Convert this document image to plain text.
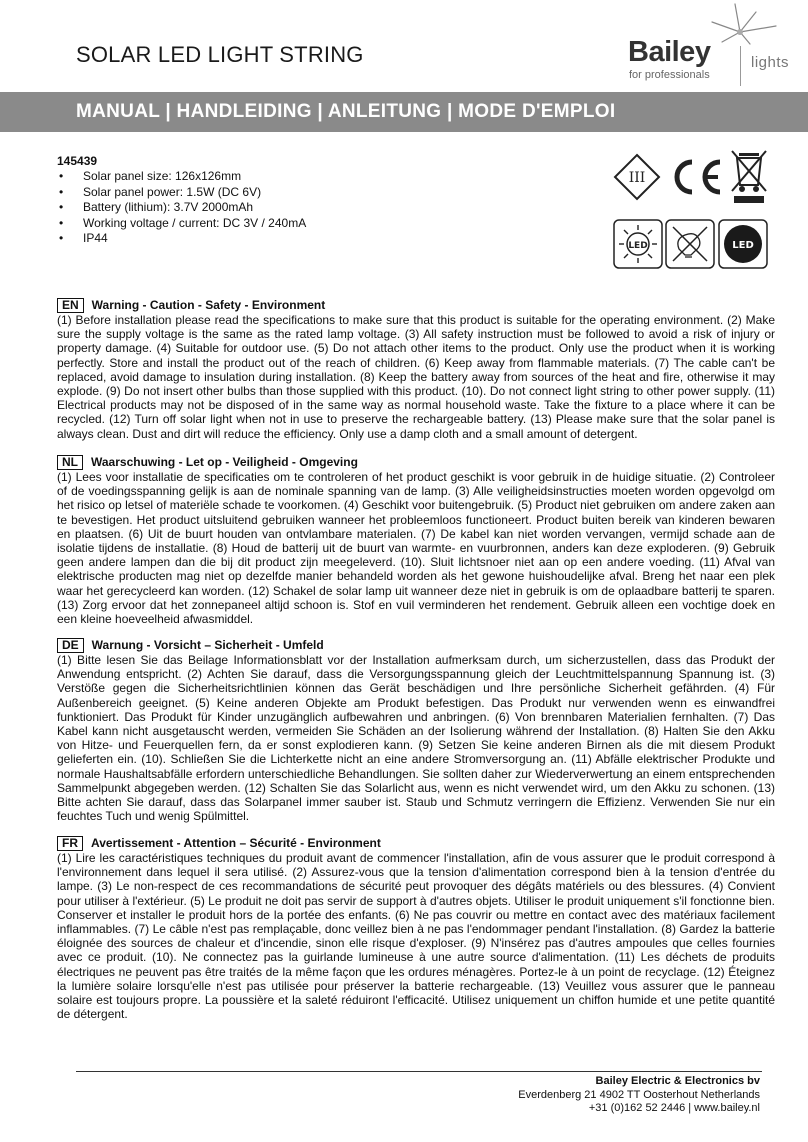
SOLAR LED LIGHT STRING	Bailey
for professionals
lights
MANUAL | HANDLEIDING | ANLEITUNG | MODE D'EMPLOI
145439
• Solar panel size: 126x126mm
• Solar panel power: 1.5W (DC 6V)
• Battery (lithium): 3.7V 2000mAh
• Working voltage / current: DC 3V / 240mA
• IP44
III
LED	LED
EN	Warning - Caution - Safety - Environment

(1) Before installation please read the specifications to make sure that this product is suitable for the operating environment. (2) Make sure the supply voltage is the same as the rated lamp voltage. (3) All safety instruction must be followed to avoid a risk of injury or property damage. (4) Suitable for outdoor use. (5) Do not attach other items to the product. Only use the product when it is working perfectly. Store and install the product out of the reach of children. (6) Keep away from flammable materials. (7) The cable can't be replaced, avoid damage to insulation during installation. (8) Keep the battery away from sources of the heat and fire, otherwise it may explode. (9) Do not insert other bulbs than those supplied with this product. (10). Do not connect light string to other power supply. (11) Electrical products may not be disposed of in the same way as normal household waste. Take the fixture to a place where it can be recycled. (12) Turn off solar light when not in use to preserve the rechargeable battery. (13) Please make sure that the solar panel is always clean. Dust and dirt will reduce the efficiency. Only use a damp cloth and a small amount of detergent.

NL	Waarschuwing - Let op - Veiligheid - Omgeving

(1) Lees voor installatie de specificaties om te controleren of het product geschikt is voor gebruik in de huidige situatie. (2) Controleer of de voedingsspanning gelijk is aan de nominale spanning van de lamp. (3) Alle veiligheidsinstructies moeten worden opgevolgd om het risico op letsel of materiële schade te voorkomen. (4) Geschikt voor buitengebruik. (5) Product niet gebruiken om andere zaken aan te bevestigen. Het product uitsluitend gebruiken wanneer het probleemloos functioneert. Product buiten bereik van kinderen bewaren en plaatsen. (6) Uit de buurt houden van ontvlambare materialen. (7) De kabel kan niet worden vervangen, vermijd schade aan de isolatie tijdens de installatie. (8) Houd de batterij uit de buurt van warmte- en vuurbronnen, anders kan deze exploderen. (9) Gebruik geen andere lampen dan die bij dit product zijn meegeleverd. (10). Sluit lichtsnoer niet aan op een andere voeding. (11) Afval van elektrische producten mag niet op dezelfde manier behandeld worden als het gewone huishoudelijke afval. Breng het naar een plek waar het gerecycleerd kan worden. (12) Schakel de solar lamp uit wanneer deze niet in gebruik is om de oplaadbare batterij te sparen. (13) Zorg ervoor dat het zonnepaneel altijd schoon is. Stof en vuil verminderen het rendement. Gebruik alleen een vochtige doek en een kleine hoeveelheid afwasmiddel.

DE	Warnung - Vorsicht – Sicherheit - Umfeld

(1) Bitte lesen Sie das Beilage Informationsblatt vor der Installation aufmerksam durch, um sicherzustellen, dass das Produkt der Anwendung entspricht. (2) Achten Sie darauf, dass die Versorgungsspannung gleich der Leuchtmittelspannung Spannung ist. (3) Verstöße gegen die Sicherheitsrichtlinien können das Gerät beschädigen und Ihre persönliche Sicherheit gefährden. (4) Für Außenbereich geeignet. (5) Keine anderen Objekte am Produkt befestigen. Das Produkt nur verwenden wenn es einwandfrei funktioniert. Das Produkt für Kinder unzugänglich aufbewahren und anbringen. (6) Von brennbaren Materialien fernhalten. (7) Das Kabel kann nicht ausgetauscht werden, vermeiden Sie Schäden an der Isolierung während der Installation. (8) Halten Sie den Akku von Hitze- und Feuerquellen fern, da er sonst explodieren kann. (9) Setzen Sie keine anderen Birnen als die mit diesem Produkt gelieferten ein. (10). Schließen Sie die Lichterkette nicht an eine andere Stromversorgung an. (11) Abfälle elektrischer Produkte und normale Haushaltsabfälle erfordern unterschiedliche Behandlungen. Sie sollten daher zur Wiederverwertung an einem entsprechenden Sammelpunkt abgegeben werden. (12) Schalten Sie das Solarlicht aus, wenn es nicht verwendet wird, um den Akku zu schonen. (13) Bitte achten Sie darauf, dass das Solarpanel immer sauber ist. Staub und Schmutz verringern die Effizienz. Verwenden Sie nur ein feuchtes Tuch und wenig Spülmittel.

FR	Avertissement - Attention – Sécurité - Environment

(1) Lire les caractéristiques techniques du produit avant de commencer l'installation, afin de vous assurer que le produit correspond à l'environnement dans lequel il sera utilisé. (2) Assurez-vous que la tension d'alimentation correspond bien à la tension d'entrée du lampe. (3) Le non-respect de ces recommandations de sécurité peut provoquer des dégâts matériels ou des blessures. (4) Convient pour utiliser à l'extérieur. (5) Le produit ne doit pas servir de support à d'autres objets. Utiliser le produit uniquement s'il fonctionne bien. Conserver et installer le produit hors de la portée des enfants. (6) Ne pas couvrir ou mettre en contact avec des matériaux facilement inflammables. (7) Le câble n'est pas remplaçable, donc veillez bien à ne pas l'endommager pendant l'installation. (8) Gardez la batterie éloignée des sources de chaleur et d'incendie, sinon elle risque d'exploser. (9) N'insérez pas d'autres ampoules que celles fournies avec ce produit. (10). Ne connectez pas la guirlande lumineuse à une autre source d'alimentation. (11) Les déchets de produits électriques ne peuvent pas être traités de la même façon que les ordures ménagères. Portez-le à un point de recyclage. (12) Éteignez la lumière solaire lorsqu'elle n'est pas utilisée pour préserver la batterie rechargeable. (13) Veuillez vous assurer que le panneau solaire est toujours propre. La poussière et la saleté réduiront l'efficacité. Utilisez uniquement un chiffon humide et une petite quantité de détergent.

Bailey Electric & Electronics bv
Everdenberg 21 4902 TT Oosterhout Netherlands
+31 (0)162 52 2446 | www.bailey.nl
